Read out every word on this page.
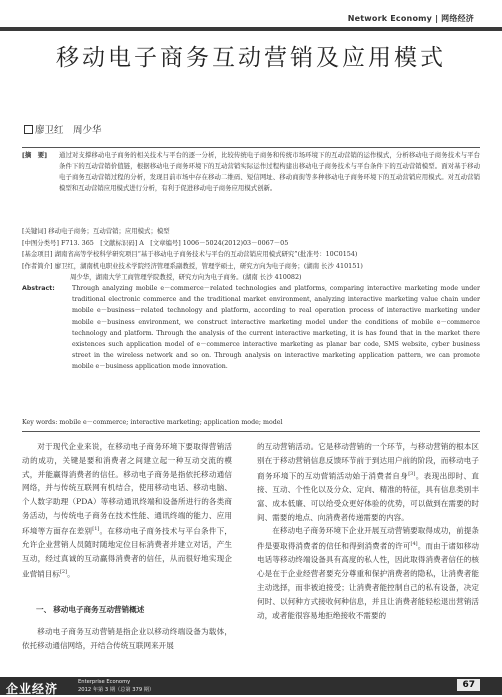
Network Economy | 网络经济
移动电子商务互动营销及应用模式
廖卫红　周少华
[摘　要]	通过对支撑移动电子商务的相关技术与平台的逐一分析，比较传统电子商务和传统市场环境下的互动营销的运作模式，分析移动电子商务技术与平台条件下的互动营销价值链，根据移动电子商务环境下的互动营销实际运作过程构建出移动电子商务技术与平台条件下的互动营销模型。面对基于移动电子商务互动营销过程的分析，发现目前市场中存在移动二维码、短信网址、移动商街等多种移动电子商务环境下的互动营销应用模式。对互动营销模型和互动营销应用模式进行分析，有利于促进移动电子商务应用模式创新。
[关键词] 移动电子商务；互动营销；应用模式；模型
[中图分类号] F713. 365　[文献标识码] A　[文章编号] 1006－5024(2012)03－0067－05
[基金项目] 湖南省高等学校科学研究项目“基于移动电子商务技术与平台的互动营销应用模式研究”(批准号：10C0154)
[作者简介] 廖卫红，湖南机电职业技术学院经济管理系副教授，管理学硕士，研究方向为电子商务；(湖南 长沙 410151)
周少华，湖南大学工商管理学院教授，研究方向为电子商务。(湖南 长沙 410082)
Abstract:	Through analyzing mobile e－commerce－related technologies and platforms, comparing interactive marketing mode under traditional electronic commerce and the traditional market environment, analyzing interactive marketing value chain under mobile e－business－related technology and platform, according to real operation process of interactive marketing under mobile e－business environment, we construct interactive marketing model under the conditions of mobile e－commerce technology and platform. Through the analysis of the current interactive marketing, it is has found that in the market there existences such application model of e－commerce interactive marketing as planar bar code, SMS website, cyber business street in the wireless network and so on. Through analysis on interactive marketing application pattern, we can promote mobile e－business application mode innovation.
Key words: mobile e－commerce; interactive marketing; application mode; model
对于现代企业来说，在移动电子商务环境下要取得营销活动的成功，关键是要和消费者之间建立起一种互动交流的模式，并能赢得消费者的信任。移动电子商务是指依托移动通信网络，并与传统互联网有机结合，使用移动电话、移动电脑、个人数字助理（PDA）等移动通讯终端和设备所进行的各类商务活动，与传统电子商务在技术性能、通讯终端的能力、应用环境等方面存在差别[1]。在移动电子商务技术与平台条件下，允许企业营销人员随时随地定位目标消费者并建立对话，产生互动，经过真诚的互动赢得消费者的信任，从而很好地实现企业营销目标[2]。
一、 移动电子商务互动营销概述
移动电子商务互动营销是指企业以移动终端设备为载体，依托移动通信网络，开结合传统互联网来开展
的互动营销活动。它是移动营销的一个环节，与移动营销的根本区别在于移动营销信息反馈环节前于到达用户前的阶段，而移动电子商务环境下的互动营销活动始于消费者自身[3]。表现出即时、直接、互动、个性化以及分众、定向、精准的特征，具有信息类别丰富、成本低廉、可以给受众更好体验的优势，可以做到在需要的时间、需要的地点、向消费者传递需要的内容。
在移动电子商务环境下企业开展互动营销要取得成功，前提条件是要取得消费者的信任和得到消费者的许可[4]。而由于诸如移动电话等移动终端设备具有高度的私人性，因此取得消费者信任的核心是在于企业经营者要充分尊重和保护消费者的隐私，让消费者能主动选择，而非被迫接受；让消费者能控制自己的私有设备，决定何时、以何种方式接收何种信息，并且让消费者能轻松退出营销活动，或者能很容易地拒绝接收不需要的
企业经济	Enterprise Economy
2012 年第 3 期（总第 379 期）	67
